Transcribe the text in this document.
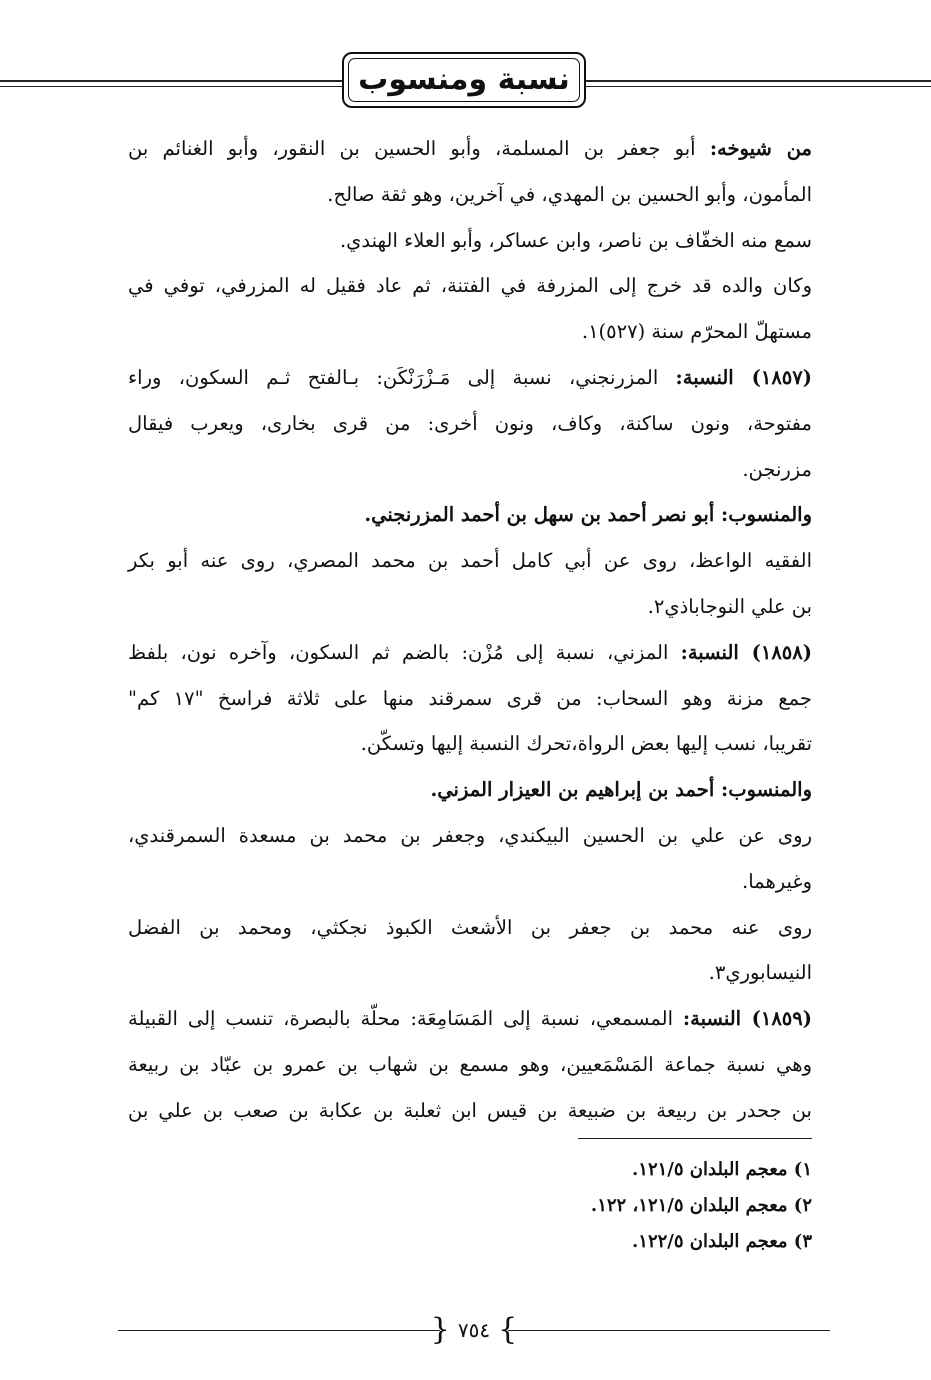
نسبة ومنسوب
من شيوخه: أبو جعفر بن المسلمة، وأبو الحسين بن النقور، وأبو الغنائم بن
المأمون، وأبو الحسين بن المهدي، في آخرين، وهو ثقة صالح.
سمع منه الخفّاف بن ناصر، وابن عساكر، وأبو العلاء الهندي.
وكان والده قد خرج إلى المزرفة في الفتنة، ثم عاد فقيل له المزرفي، توفي في
مستهلّ المحرّم سنة (٥٢٧)١.
(١٨٥٧) النسبة: المزرنجني، نسبة إلى مَـزْرَنْكَن: بـالفتح ثـم السكون، وراء
مفتوحة، ونون ساكنة، وكاف، ونون أخرى: من قرى بخارى، ويعرب فيقال
مزرنجن.
والمنسوب: أبو نصر أحمد بن سهل بن أحمد المزرنجني.
الفقيه الواعظ، روى عن أبي كامل أحمد بن محمد المصري، روى عنه أبو بكر
بن علي النوجاباذي٢.
(١٨٥٨) النسبة: المزني، نسبة إلى مُزْن: بالضم ثم السكون، وآخره نون، بلفظ
جمع مزنة وهو السحاب: من قرى سمرقند منها على ثلاثة فراسخ "١٧ كم"
تقريبا، نسب إليها بعض الرواة،تحرك النسبة إليها وتسكّن.
والمنسوب: أحمد بن إبراهيم بن العيزار المزني.
روى عن علي بن الحسين البيكندي، وجعفر بن محمد بن مسعدة السمرقندي،
وغيرهما.
روى عنه محمد بن جعفر بن الأشعث الكبوذ نجكثي، ومحمد بن الفضل
النيسابوري٣.
(١٨٥٩) النسبة: المسمعي، نسبة إلى المَسَامِعَة: محلّة بالبصرة، تنسب إلى القبيلة
وهي نسبة جماعة المَسْمَعيين، وهو مسمع بن شهاب بن عمرو بن عبّاد بن ربيعة
بن جحدر بن ربيعة بن ضبيعة بن قيس ابن ثعلبة بن عكابة بن صعب بن علي بن
١) معجم البلدان ١٢١/٥.
٢) معجم البلدان ١٢١/٥، ١٢٢.
٣) معجم البلدان ١٢٢/٥.
}
٧٥٤
{
